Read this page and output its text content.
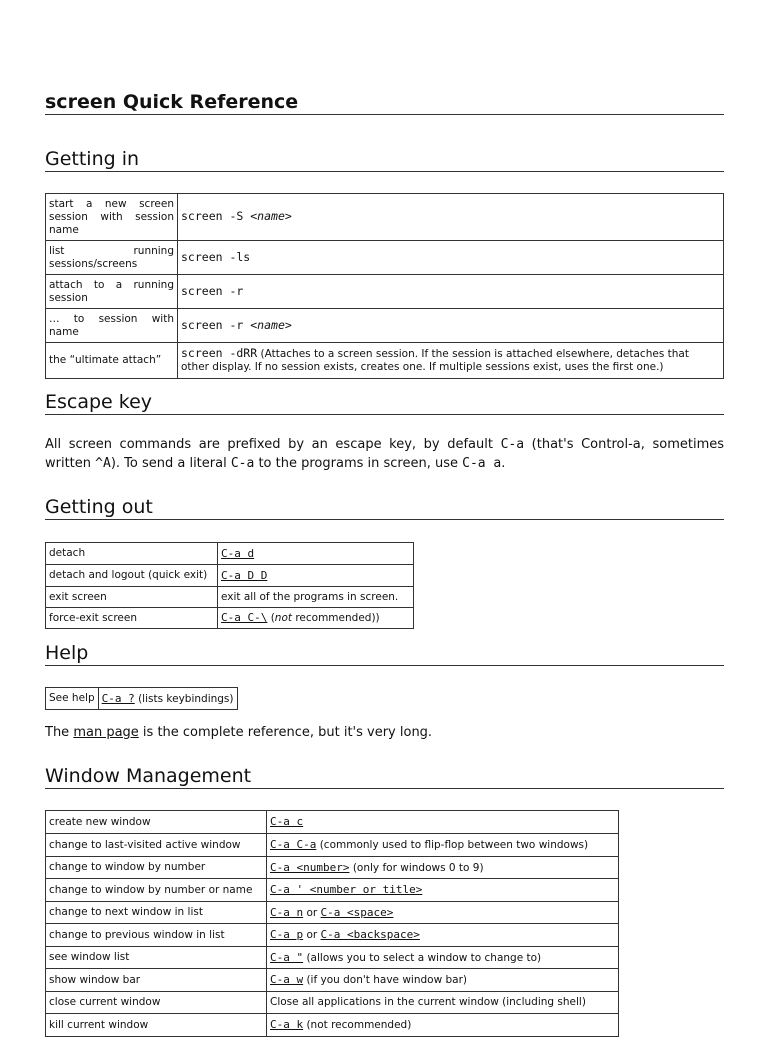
screen Quick Reference
Getting in
start a new screen session with session name	screen -S <name>
list running sessions/screens	screen -ls
attach to a running session	screen -r
… to session with name	screen -r <name>
the “ultimate attach”	screen -dRR (Attaches to a screen session. If the session is attached elsewhere, detaches that other display. If no session exists, creates one. If multiple sessions exist, uses the first one.)
Escape key

All screen commands are prefixed by an escape key, by default C-a (that's Control-a, sometimes written ^A). To send a literal C-a to the programs in screen, use C-a a.

Getting out
detach	C-a d
detach and logout (quick exit)	C-a D D
exit screen	exit all of the programs in screen.
force-exit screen	C-a C-\ (not recommended))
Help
See help	C-a ? (lists keybindings)

The man page is the complete reference, but it's very long.

Window Management
create new window	C-a c
change to last-visited active window	C-a C-a (commonly used to flip-flop between two windows)
change to window by number	C-a <number> (only for windows 0 to 9)
change to window by number or name	C-a ' <number or title>
change to next window in list	C-a n or C-a <space>
change to previous window in list	C-a p or C-a <backspace>
see window list	C-a " (allows you to select a window to change to)
show window bar	C-a w (if you don't have window bar)
close current window	Close all applications in the current window (including shell)
kill current window	C-a k (not recommended)
